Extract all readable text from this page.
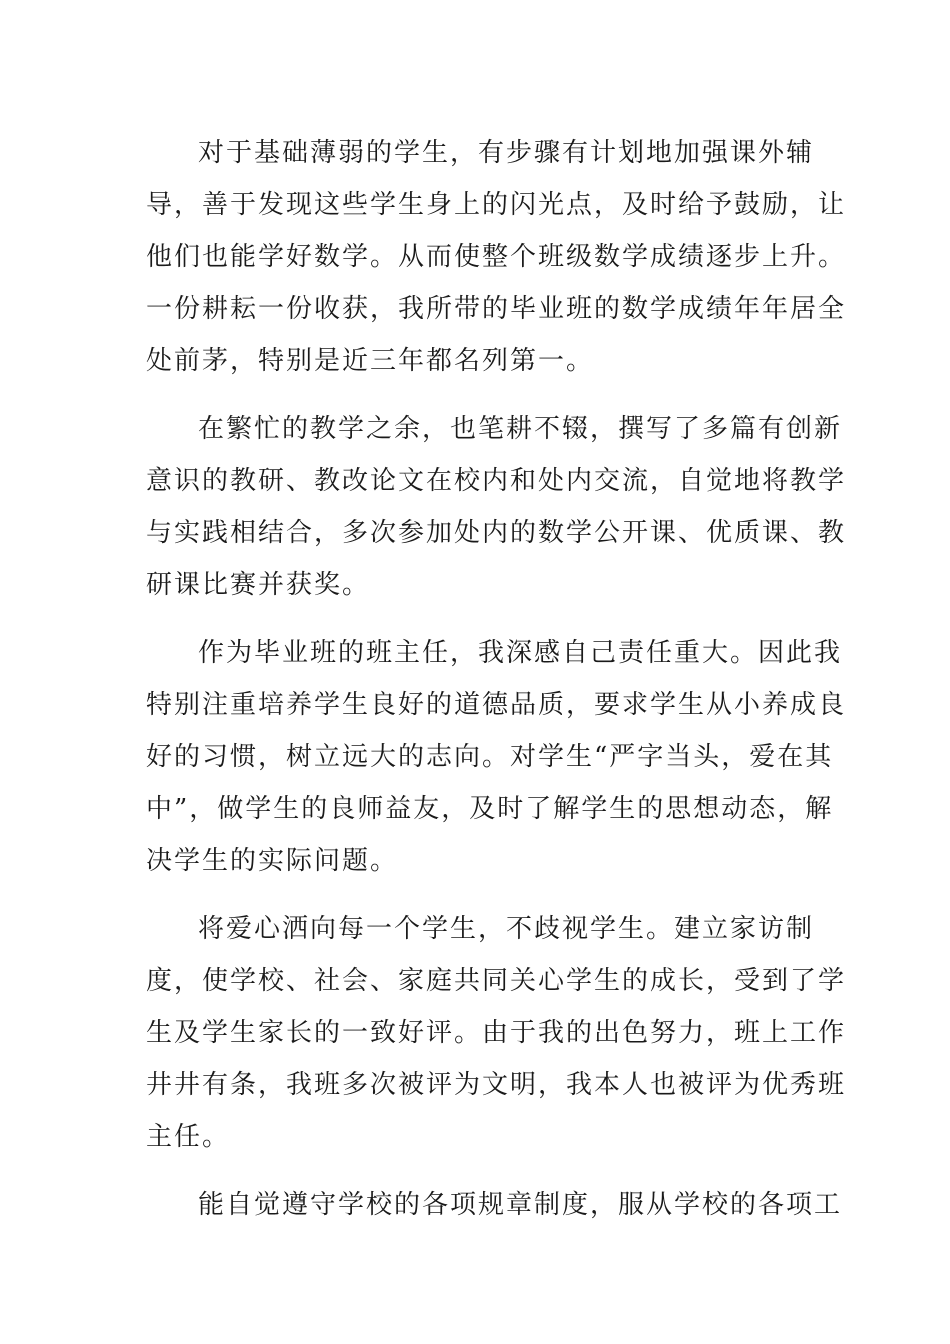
对于基础薄弱的学生，有步骤有计划地加强课外辅
导，善于发现这些学生身上的闪光点，及时给予鼓励，让
他们也能学好数学。从而使整个班级数学成绩逐步上升。
一份耕耘一份收获，我所带的毕业班的数学成绩年年居全
处前茅，特别是近三年都名列第一。
在繁忙的教学之余，也笔耕不辍，撰写了多篇有创新
意识的教研、教改论文在校内和处内交流，自觉地将教学
与实践相结合，多次参加处内的数学公开课、优质课、教
研课比赛并获奖。
作为毕业班的班主任，我深感自己责任重大。因此我
特别注重培养学生良好的道德品质，要求学生从小养成良
好的习惯，树立远大的志向。对学生“严字当头，爱在其
中”，做学生的良师益友，及时了解学生的思想动态，解
决学生的实际问题。
将爱心洒向每一个学生，不歧视学生。建立家访制
度，使学校、社会、家庭共同关心学生的成长，受到了学
生及学生家长的一致好评。由于我的出色努力，班上工作
井井有条，我班多次被评为文明，我本人也被评为优秀班
主任。
能自觉遵守学校的各项规章制度，服从学校的各项工
